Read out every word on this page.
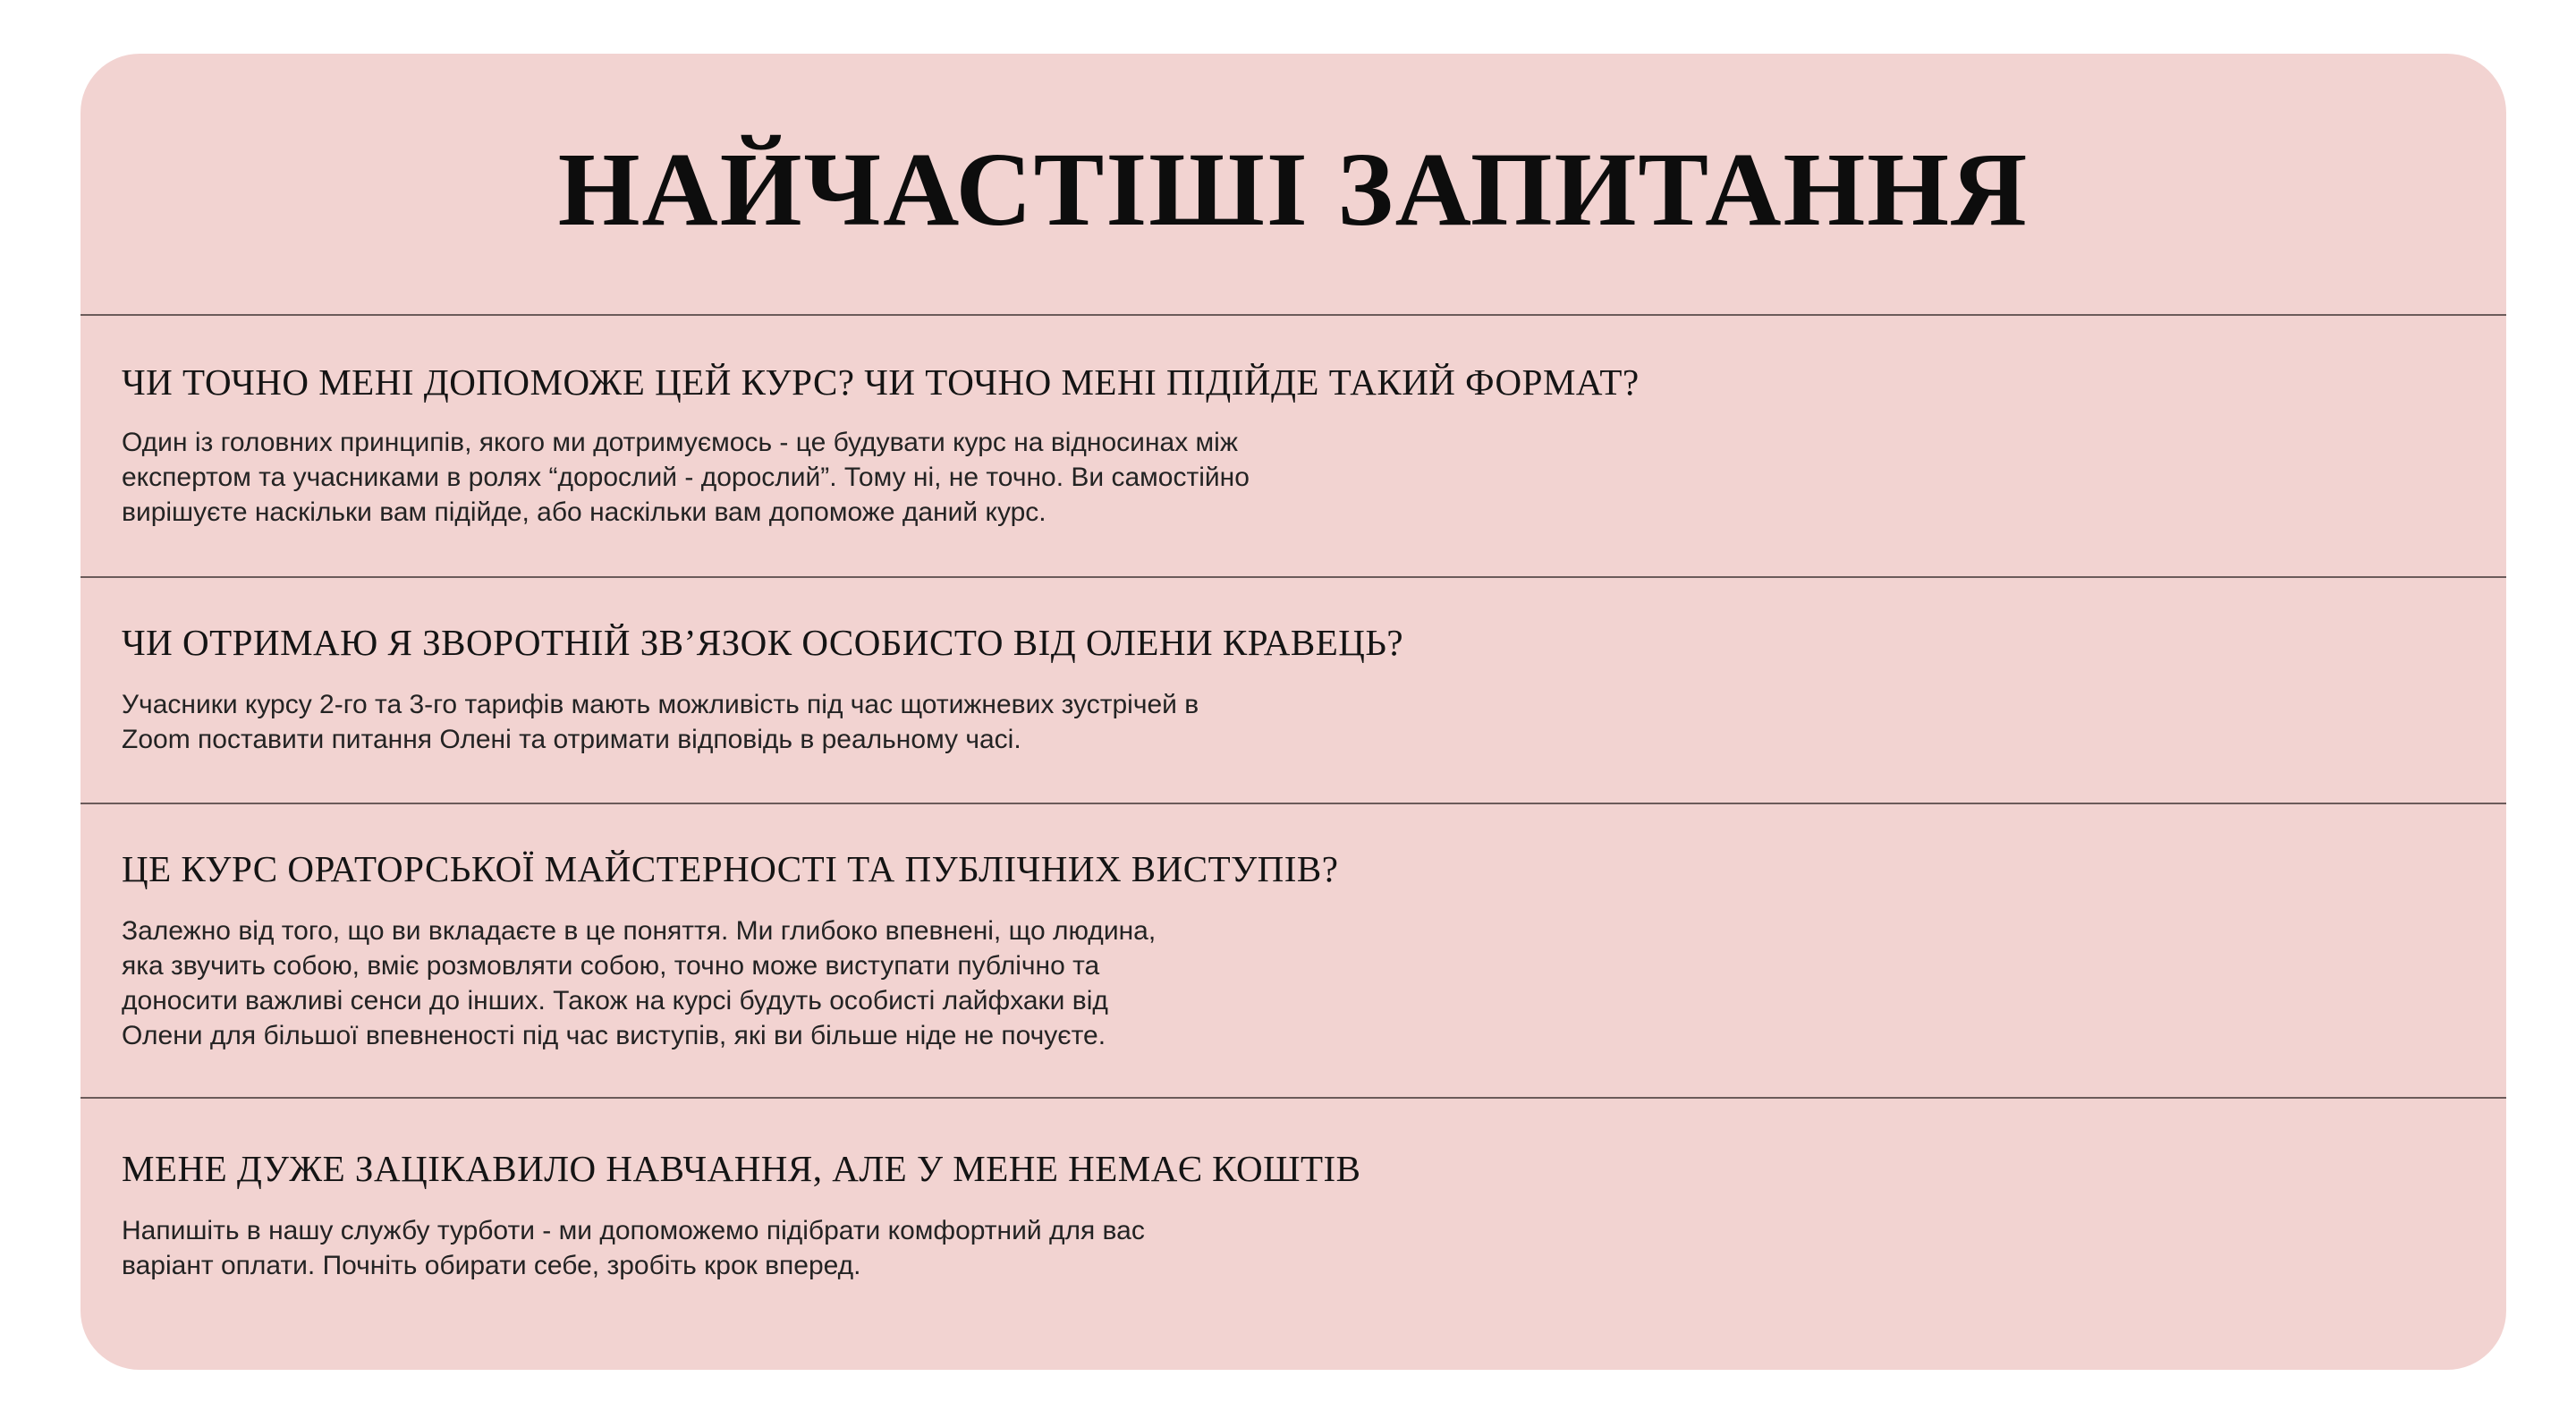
НАЙЧАСТІШІ ЗАПИТАННЯ
ЧИ ТОЧНО МЕНІ ДОПОМОЖЕ ЦЕЙ КУРС? ЧИ ТОЧНО МЕНІ ПІДІЙДЕ ТАКИЙ ФОРМАТ?

Один із головних принципів, якого ми дотримуємось - це будувати курс на відносинах між
експертом та учасниками в ролях “дорослий - дорослий”. Тому ні, не точно. Ви самостійно
вирішуєте наскільки вам підійде, або наскільки вам допоможе даний курс.

ЧИ ОТРИМАЮ Я ЗВОРОТНІЙ ЗВ’ЯЗОК ОСОБИСТО ВІД ОЛЕНИ КРАВЕЦЬ?

Учасники курсу 2-го та 3-го тарифів мають можливість під час щотижневих зустрічей в
Zoom поставити питання Олені та отримати відповідь в реальному часі.

ЦЕ КУРС ОРАТОРСЬКОЇ МАЙСТЕРНОСТІ ТА ПУБЛІЧНИХ ВИСТУПІВ?

Залежно від того, що ви вкладаєте в це поняття. Ми глибоко впевнені, що людина,
яка звучить собою, вміє розмовляти собою, точно може виступати публічно та
доносити важливі сенси до інших. Також на курсі будуть особисті лайфхаки від
Олени для більшої впевненості під час виступів, які ви більше ніде не почуєте.

МЕНЕ ДУЖЕ ЗАЦІКАВИЛО НАВЧАННЯ, АЛЕ У МЕНЕ НЕМАЄ КОШТІВ

Напишіть в нашу службу турботи - ми допоможемо підібрати комфортний для вас
варіант оплати. Почніть обирати себе, зробіть крок вперед.
